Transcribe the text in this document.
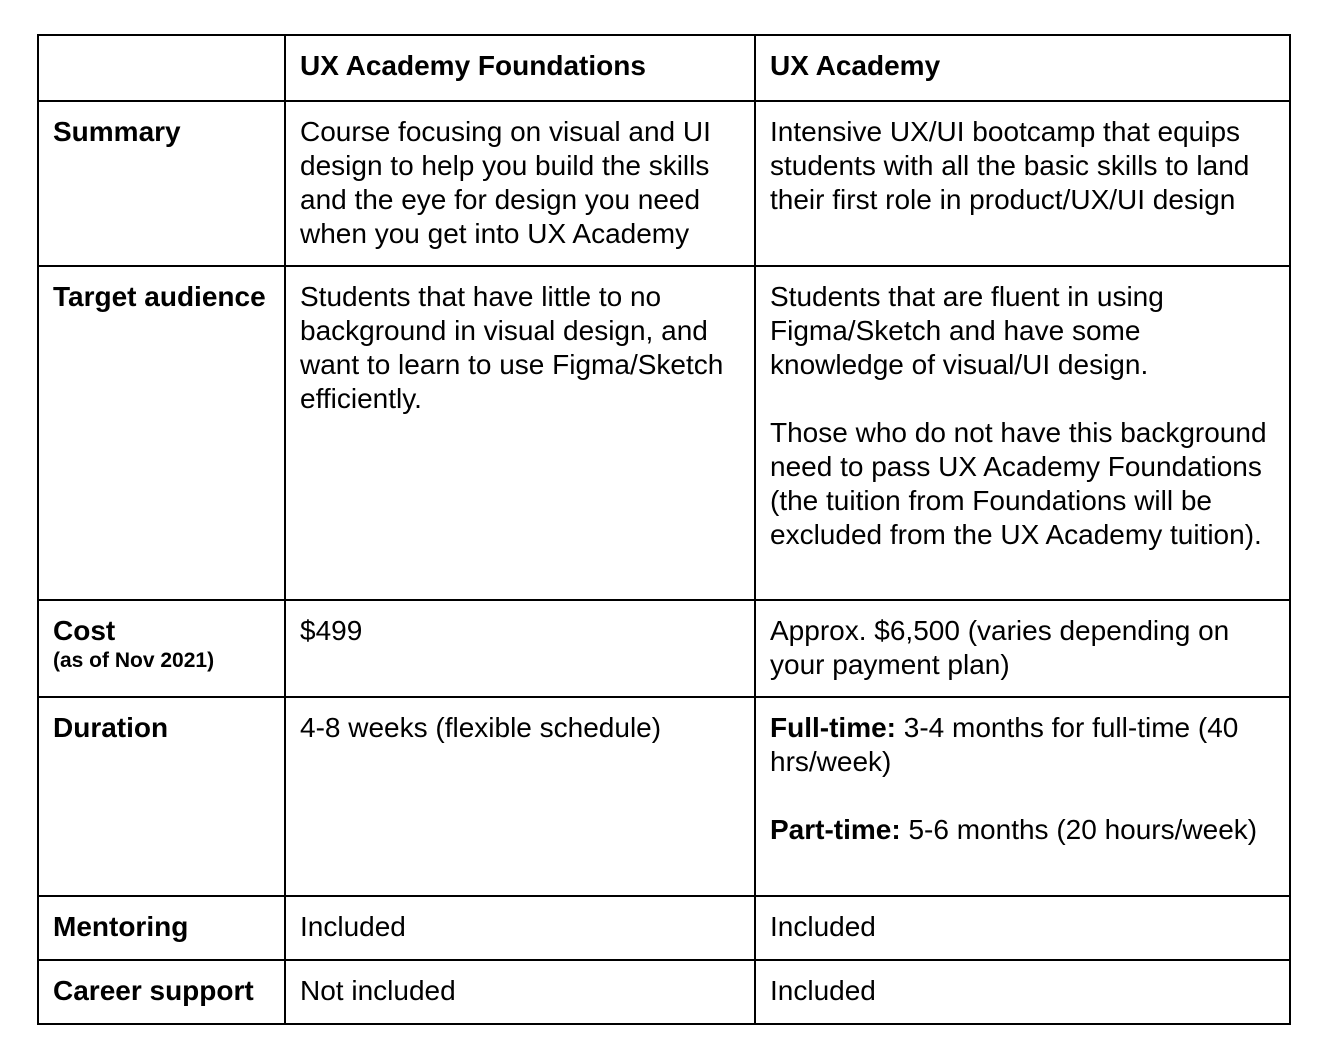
	UX Academy Foundations	UX Academy
Summary	Course focusing on visual and UI design to help you build the skills and the eye for design you need when you get into UX Academy	Intensive UX/UI bootcamp that equips students with all the basic skills to land their first role in product/UX/UI design
Target audience	Students that have little to no background in visual design, and want to learn to use Figma/Sketch efficiently.	Students that are fluent in using Figma/Sketch and have some knowledge of visual/UI design.
Those who do not have this background need to pass UX Academy Foundations (the tuition from Foundations will be excluded from the UX Academy tuition).

Cost
(as of Nov 2021)	$499	Approx. $6,500 (varies depending on your payment plan)
Duration	4-8 weeks (flexible schedule)	Full-time: 3-4 months for full-time (40 hrs/week)
Part-time: 5-6 months (20 hours/week)

Mentoring	Included	Included
Career support	Not included	Included
